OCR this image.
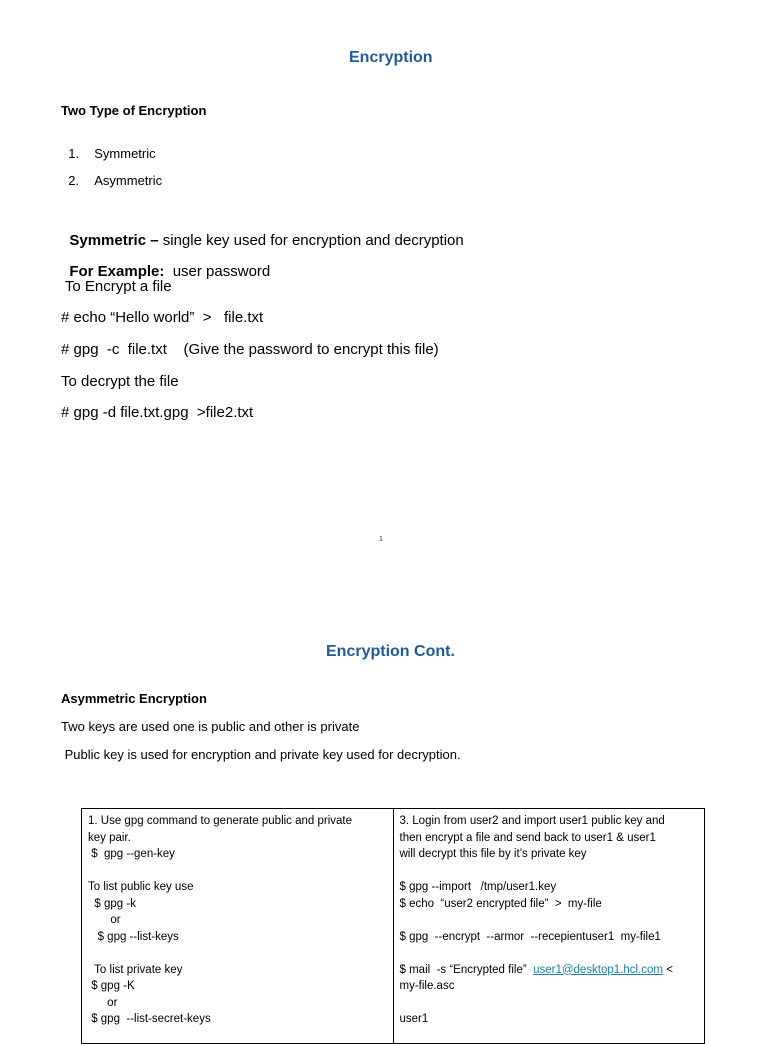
Encryption
Two Type of Encryption

1. Symmetric

2. Asymmetric

Symmetric – single key used for encryption and decryption

For Example:  user password

To Encrypt a file
# echo “Hello world”  >   file.txt
# gpg  -c  file.txt    (Give the password to encrypt this file)
To decrypt the file
# gpg -d file.txt.gpg  >file2.txt
1
Encryption Cont.
Asymmetric Encryption
Two keys are used one is public and other is private
Public key is used for encryption and private key used for decryption.
1. Use gpg command to generate public and private
key pair.
$  gpg --gen-key
To list public key use
$ gpg -k
or
$ gpg --list-keys
To list private key
$ gpg -K
or
$ gpg  --list-secret-keys

3. Login from user2 and import user1 public key and
then encrypt a file and send back to user1 & user1
will decrypt this file by it’s private key
$ gpg --import   /tmp/user1.key
$ echo  “user2 encrypted file”  >  my-file
$ gpg  --encrypt  --armor  --recepientuser1  my-file1
$ mail  -s “Encrypted file”  user1@desktop1.hcl.com <
my-file.asc
user1
